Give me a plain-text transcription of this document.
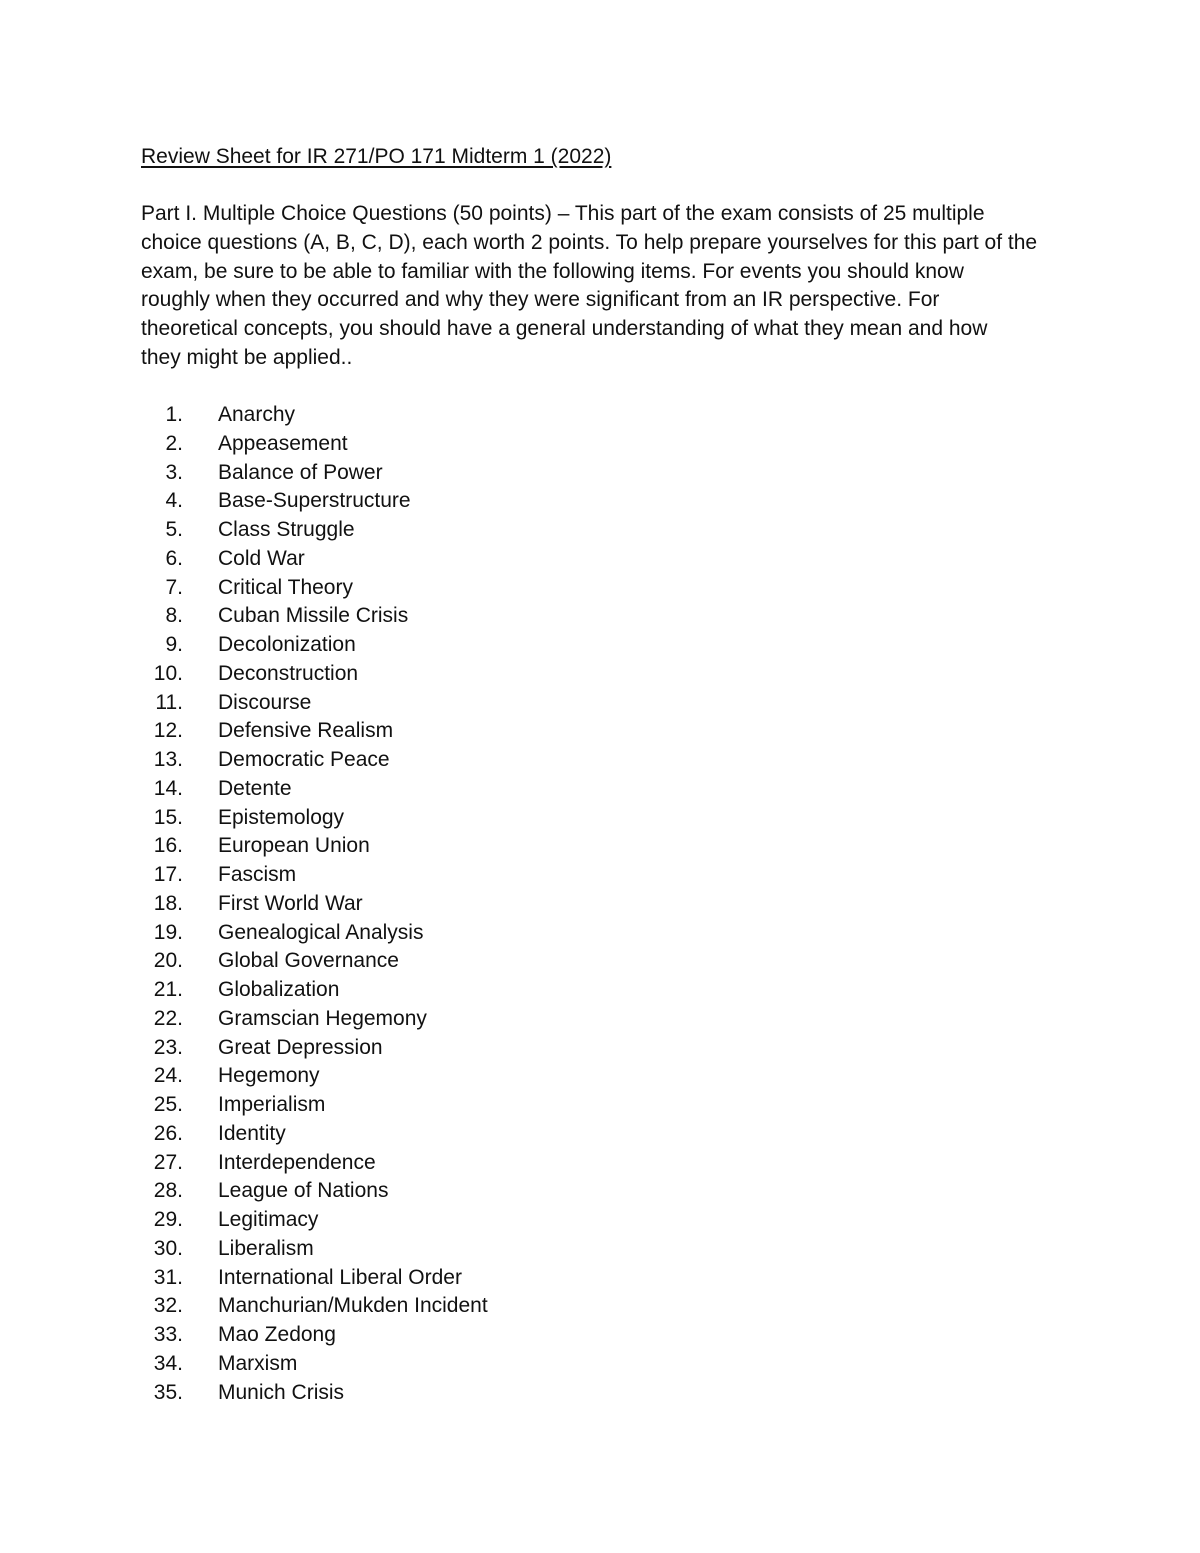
Review Sheet for IR 271/PO 171 Midterm 1 (2022)

Part I. Multiple Choice Questions (50 points) – This part of the exam consists of 25 multiple
choice questions (A, B, C, D), each worth 2 points. To help prepare yourselves for this part of the
exam, be sure to be able to familiar with the following items. For events you should know
roughly when they occurred and why they were significant from an IR perspective. For
theoretical concepts, you should have a general understanding of what they mean and how
they might be applied..

1. Anarchy
2. Appeasement
3. Balance of Power
4. Base-Superstructure
5. Class Struggle
6. Cold War
7. Critical Theory
8. Cuban Missile Crisis
9. Decolonization
10. Deconstruction
11. Discourse
12. Defensive Realism
13. Democratic Peace
14. Detente
15. Epistemology
16. European Union
17. Fascism
18. First World War
19. Genealogical Analysis
20. Global Governance
21. Globalization
22. Gramscian Hegemony
23. Great Depression
24. Hegemony
25. Imperialism
26. Identity
27. Interdependence
28. League of Nations
29. Legitimacy
30. Liberalism
31. International Liberal Order
32. Manchurian/Mukden Incident
33. Mao Zedong
34. Marxism
35. Munich Crisis
